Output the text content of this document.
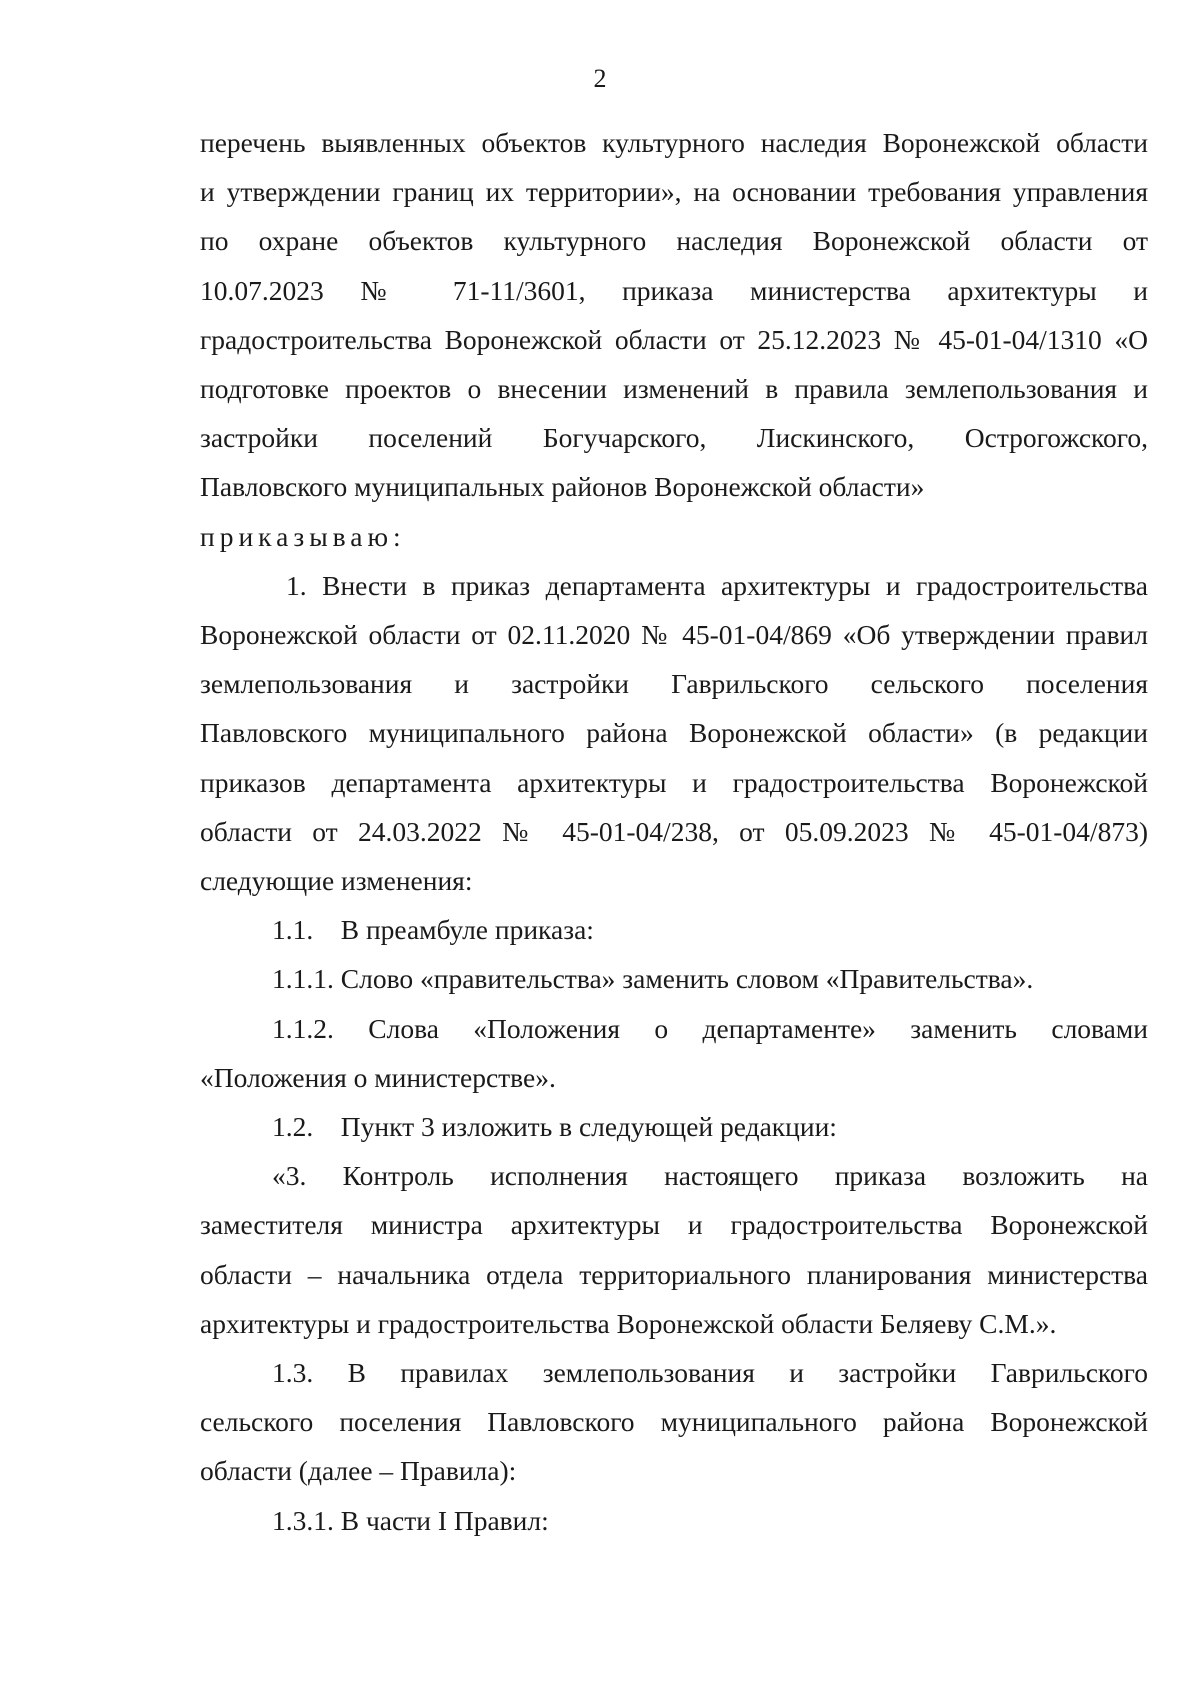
2
перечень выявленных объектов культурного наследия Воронежской области
и утверждении границ их территории», на основании требования управления
по охране объектов культурного наследия Воронежской области от
10.07.2023 № 71-11/3601, приказа министерства архитектуры и
градостроительства Воронежской области от 25.12.2023 № 45-01-04/1310 «О
подготовке проектов о внесении изменений в правила землепользования и
застройки поселений Богучарского, Лискинского, Острогожского,
Павловского муниципальных районов Воронежской области»
приказываю:
1. Внести в приказ департамента архитектуры и градостроительства
Воронежской области от 02.11.2020 № 45-01-04/869 «Об утверждении правил
землепользования и застройки Гаврильского сельского поселения
Павловского муниципального района Воронежской области» (в редакции
приказов департамента архитектуры и градостроительства Воронежской
области от 24.03.2022 № 45-01-04/238, от 05.09.2023 № 45-01-04/873)
следующие изменения:
1.1.    В преамбуле приказа:
1.1.1. Слово «правительства» заменить словом «Правительства».
1.1.2. Слова «Положения о департаменте» заменить словами
«Положения о министерстве».
1.2.    Пункт 3 изложить в следующей редакции:
«3. Контроль исполнения настоящего приказа возложить на
заместителя министра архитектуры и градостроительства Воронежской
области – начальника отдела территориального планирования министерства
архитектуры и градостроительства Воронежской области Беляеву С.М.».
1.3. В правилах землепользования и застройки Гаврильского
сельского поселения Павловского муниципального района Воронежской
области (далее – Правила):
1.3.1. В части I Правил:
